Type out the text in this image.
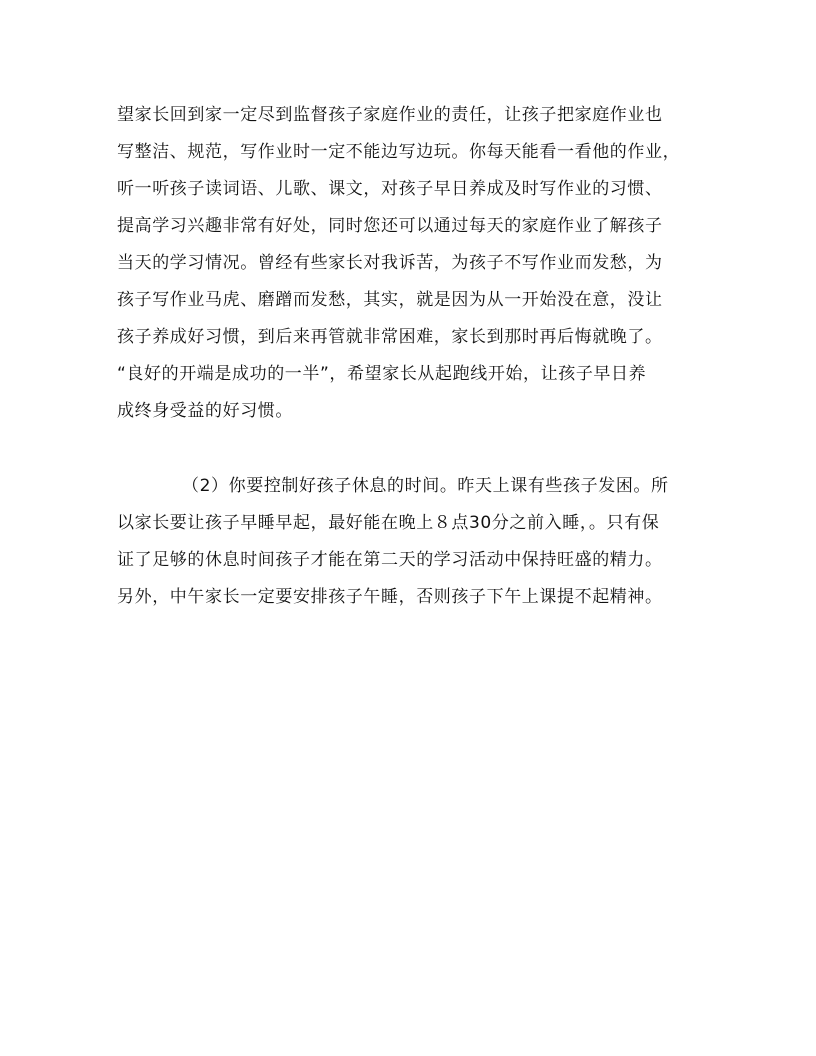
望家长回到家一定尽到监督孩子家庭作业的责任，让孩子把家庭作业也
写整洁、规范，写作业时一定不能边写边玩。你每天能看一看他的作业，
听一听孩子读词语、儿歌、课文，对孩子早日养成及时写作业的习惯、
提高学习兴趣非常有好处，同时您还可以通过每天的家庭作业了解孩子
当天的学习情况。曾经有些家长对我诉苦，为孩子不写作业而发愁，为
孩子写作业马虎、磨蹭而发愁，其实，就是因为从一开始没在意，没让
孩子养成好习惯，到后来再管就非常困难，家长到那时再后悔就晚了。
“良好的开端是成功的一半”，希望家长从起跑线开始，让孩子早日养
成终身受益的好习惯。
（2）你要控制好孩子休息的时间。昨天上课有些孩子发困。所
以家长要让孩子早睡早起，最好能在晚上８点30分之前入睡，。只有保
证了足够的休息时间孩子才能在第二天的学习活动中保持旺盛的精力。
另外，中午家长一定要安排孩子午睡，否则孩子下午上课提不起精神。
